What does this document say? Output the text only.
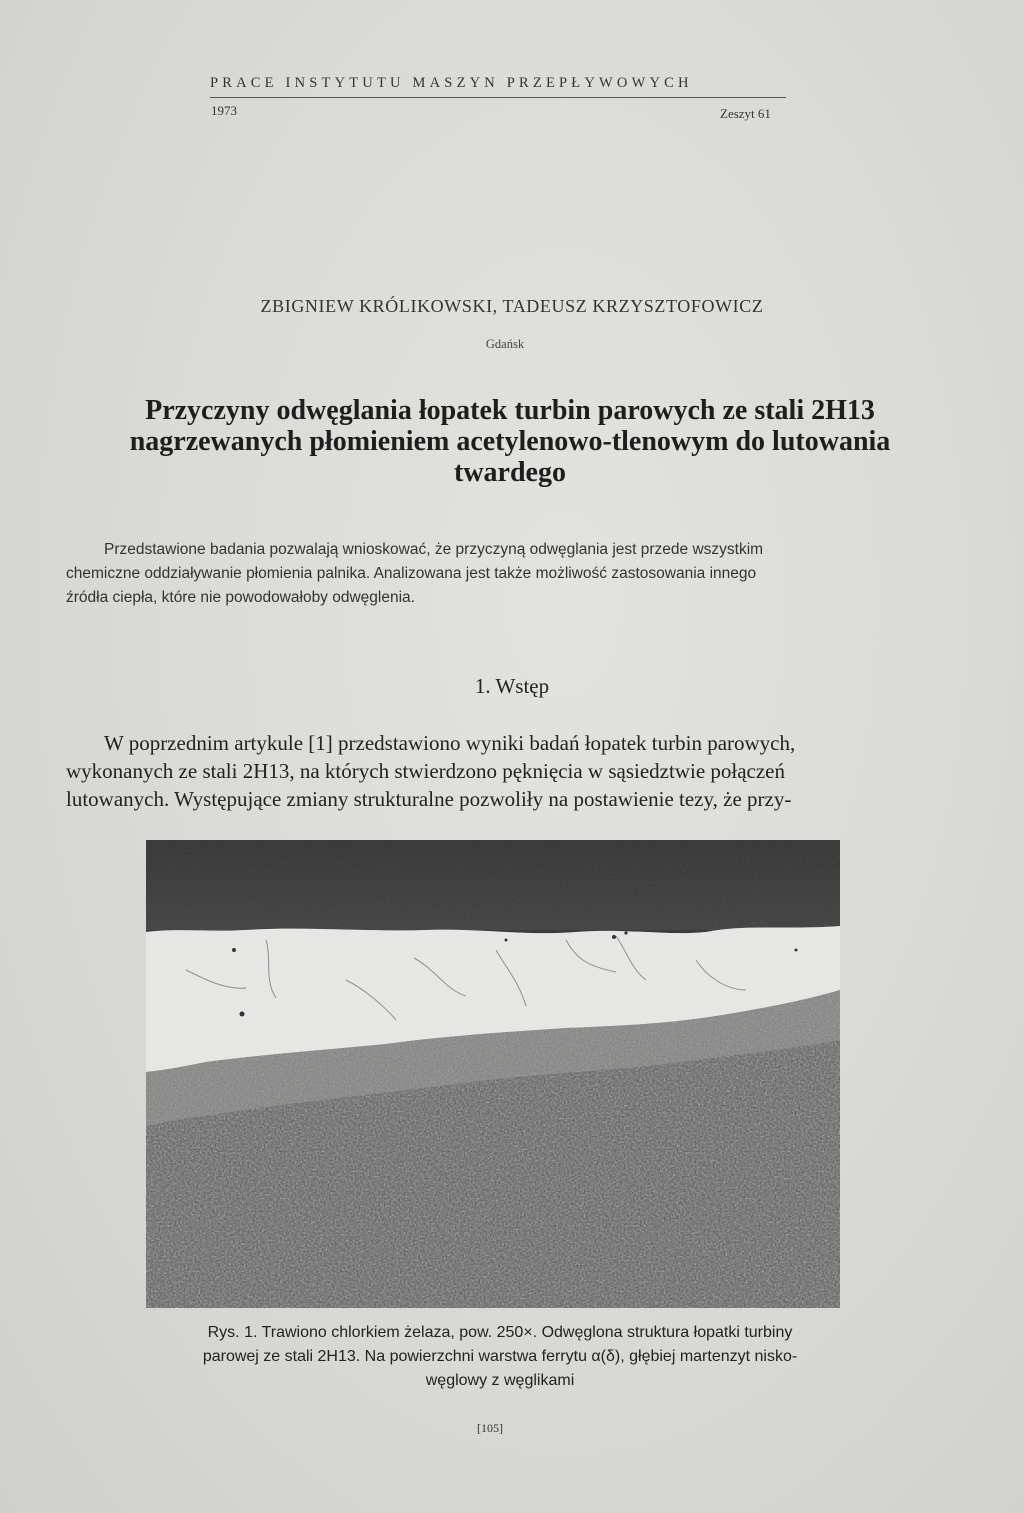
PRACE INSTYTUTU MASZYN PRZEPŁYWOWYCH
1973	Zeszyt 61
ZBIGNIEW KRÓLIKOWSKI, TADEUSZ KRZYSZTOFOWICZ
Gdańsk
Przyczyny odwęglania łopatek turbin parowych ze stali 2H13
nagrzewanych płomieniem acetylenowo-tlenowym do lutowania
twardego
Przedstawione badania pozwalają wnioskować, że przyczyną odwęglania jest przede wszystkim
chemiczne oddziaływanie płomienia palnika. Analizowana jest także możliwość zastosowania innego
źródła ciepła, które nie powodowałoby odwęglenia.
1. Wstęp
W poprzednim artykule [1] przedstawiono wyniki badań łopatek turbin parowych,
wykonanych ze stali 2H13, na których stwierdzono pęknięcia w sąsiedztwie połączeń
lutowanych. Występujące zmiany strukturalne pozwoliły na postawienie tezy, że przy-
Rys. 1. Trawiono chlorkiem żelaza, pow. 250×. Odwęglona struktura łopatki turbiny
parowej ze stali 2H13. Na powierzchni warstwa ferrytu α(δ), głębiej martenzyt nisko-
węglowy z węglikami
[105]
